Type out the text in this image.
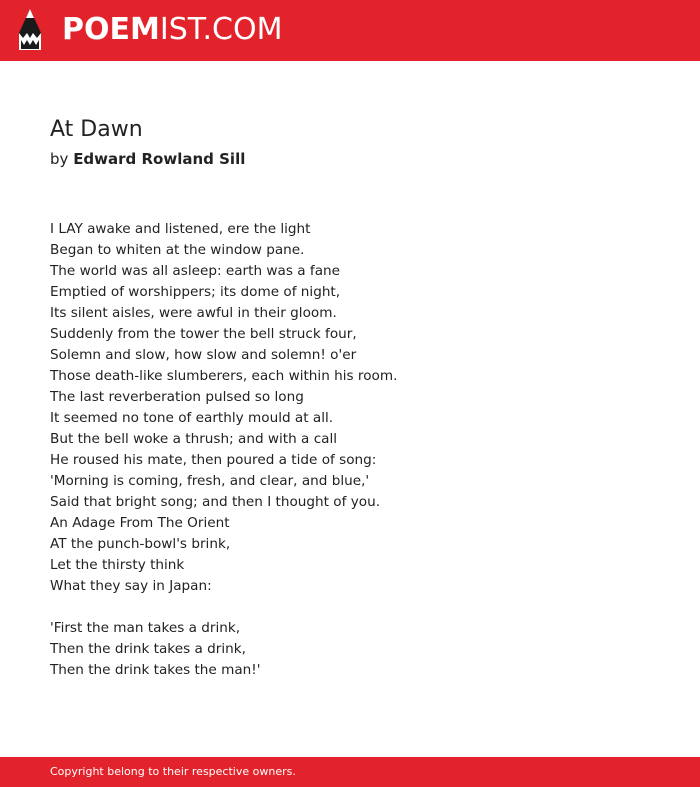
POEMIST.COM
At Dawn
by Edward Rowland Sill
I LAY awake and listened, ere the light
Began to whiten at the window pane.
The world was all asleep: earth was a fane
Emptied of worshippers; its dome of night,
Its silent aisles, were awful in their gloom.
Suddenly from the tower the bell struck four,
Solemn and slow, how slow and solemn! o'er
Those death-like slumberers, each within his room.
The last reverberation pulsed so long
It seemed no tone of earthly mould at all.
But the bell woke a thrush; and with a call
He roused his mate, then poured a tide of song:
'Morning is coming, fresh, and clear, and blue,'
Said that bright song; and then I thought of you.
An Adage From The Orient
AT the punch-bowl's brink,
Let the thirsty think
What they say in Japan:
'First the man takes a drink,
Then the drink takes a drink,
Then the drink takes the man!'
Copyright belong to their respective owners.
